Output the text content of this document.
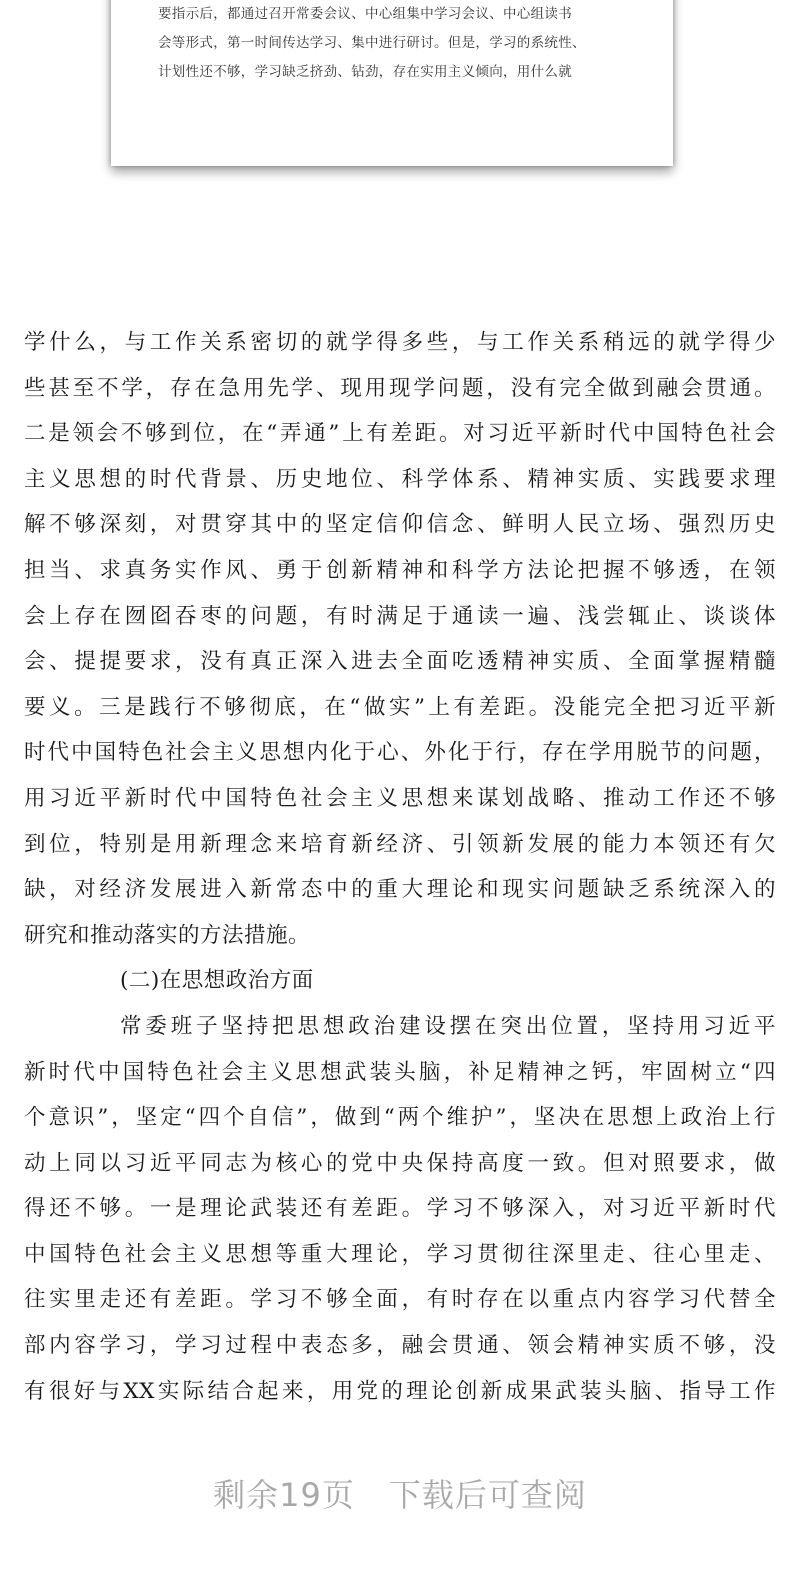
要指示后，都通过召开常委会议、中心组集中学习会议、中心组读书
会等形式，第一时间传达学习、集中进行研讨。但是，学习的系统性、
计划性还不够，学习缺乏挤劲、钻劲，存在实用主义倾向，用什么就
学什么，与工作关系密切的就学得多些，与工作关系稍远的就学得少
些甚至不学，存在急用先学、现用现学问题，没有完全做到融会贯通。
二是领会不够到位，在“弄通”上有差距。对习近平新时代中国特色社会
主义思想的时代背景、历史地位、科学体系、精神实质、实践要求理
解不够深刻，对贯穿其中的坚定信仰信念、鲜明人民立场、强烈历史
担当、求真务实作风、勇于创新精神和科学方法论把握不够透，在领
会上存在囫囵吞枣的问题，有时满足于通读一遍、浅尝辄止、谈谈体
会、提提要求，没有真正深入进去全面吃透精神实质、全面掌握精髓
要义。三是践行不够彻底，在“做实”上有差距。没能完全把习近平新
时代中国特色社会主义思想内化于心、外化于行，存在学用脱节的问题，
用习近平新时代中国特色社会主义思想来谋划战略、推动工作还不够
到位，特别是用新理念来培育新经济、引领新发展的能力本领还有欠
缺，对经济发展进入新常态中的重大理论和现实问题缺乏系统深入的
研究和推动落实的方法措施。
(二)在思想政治方面
常委班子坚持把思想政治建设摆在突出位置，坚持用习近平
新时代中国特色社会主义思想武装头脑，补足精神之钙，牢固树立“四
个意识”，坚定“四个自信”，做到“两个维护”，坚决在思想上政治上行
动上同以习近平同志为核心的党中央保持高度一致。但对照要求，做
得还不够。一是理论武装还有差距。学习不够深入，对习近平新时代
中国特色社会主义思想等重大理论，学习贯彻往深里走、往心里走、
往实里走还有差距。学习不够全面，有时存在以重点内容学习代替全
部内容学习，学习过程中表态多，融会贯通、领会精神实质不够，没
有很好与XX实际结合起来，用党的理论创新成果武装头脑、指导工作
剩余19页 下载后可查阅
